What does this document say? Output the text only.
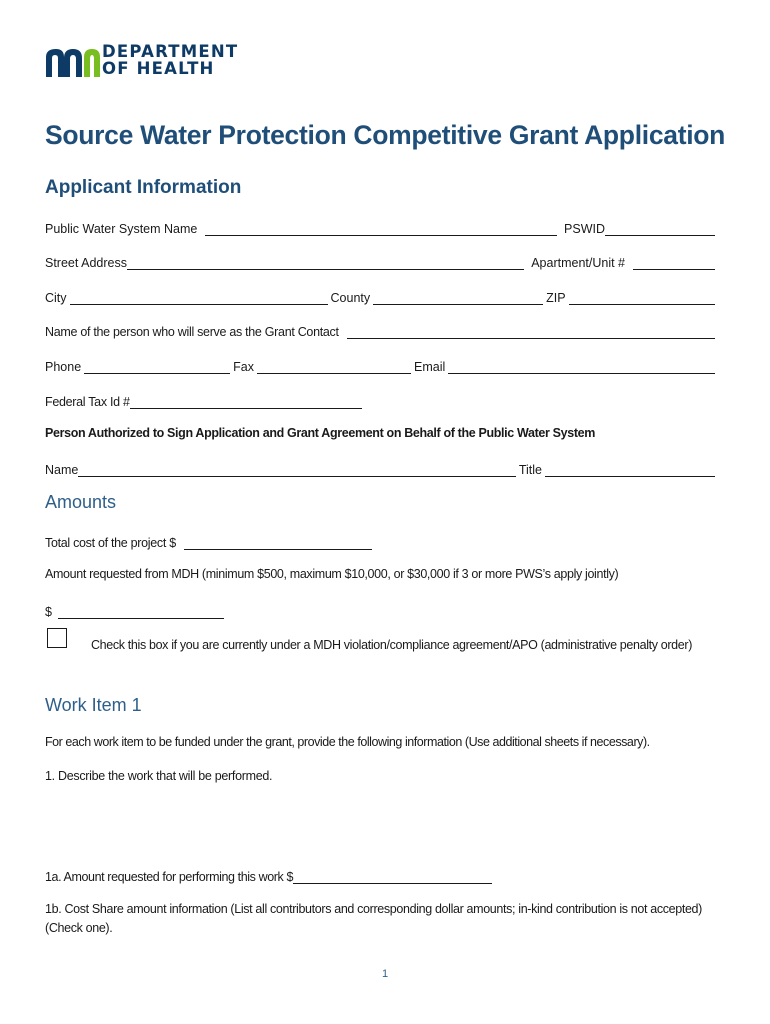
DEPARTMENT
OF HEALTH
Source Water Protection Competitive Grant Application
Applicant Information
Public Water System Name	PSWID
Street Address	Apartment/Unit #
City	County	ZIP
Name of the person who will serve as the Grant Contact
Phone	Fax	Email
Federal Tax Id #
Person Authorized to Sign Application and Grant Agreement on Behalf of the Public Water System
Name	Title
Amounts
Total cost of the project $
Amount requested from MDH (minimum $500, maximum $10,000, or $30,000 if 3 or more PWS’s apply jointly)
$
Check this box if you are currently under a MDH violation/compliance agreement/APO (administrative penalty order)
Work Item 1
For each work item to be funded under the grant, provide the following information (Use additional sheets if necessary).
1. Describe the work that will be performed.
1a. Amount requested for performing this work $
1b. Cost Share amount information (List all contributors and corresponding dollar amounts; in-kind contribution is not accepted) (Check one).
1
